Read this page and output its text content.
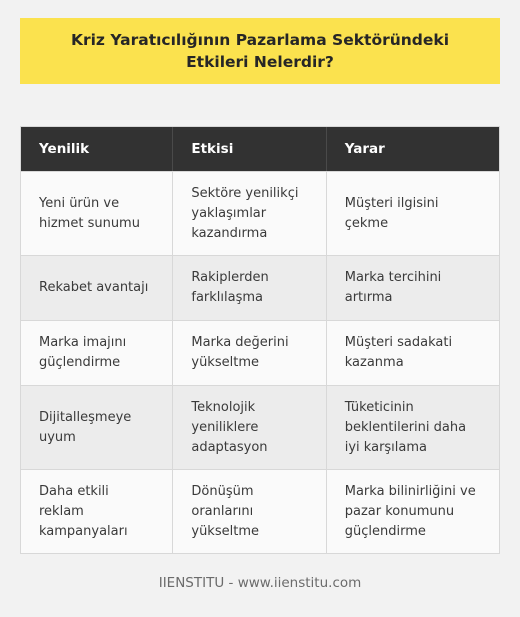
Kriz Yaratıcılığının Pazarlama Sektöründeki Etkileri Nelerdir?
Yenilik	Etkisi	Yarar
Yeni ürün ve hizmet sunumu
Sektöre yenilikçi yaklaşımlar kazandırma
Müşteri ilgisini çekme
Rekabet avantajı
Rakiplerden farklılaşma
Marka tercihini artırma
Marka imajını güçlendirme
Marka değerini yükseltme
Müşteri sadakati kazanma
Dijitalleşmeye uyum
Teknolojik yeniliklere adaptasyon
Tüketicinin beklentilerini daha iyi karşılama
Daha etkili reklam kampanyaları
Dönüşüm oranlarını yükseltme
Marka bilinirliğini ve pazar konumunu güçlendirme
IIENSTITU - www.iienstitu.com
